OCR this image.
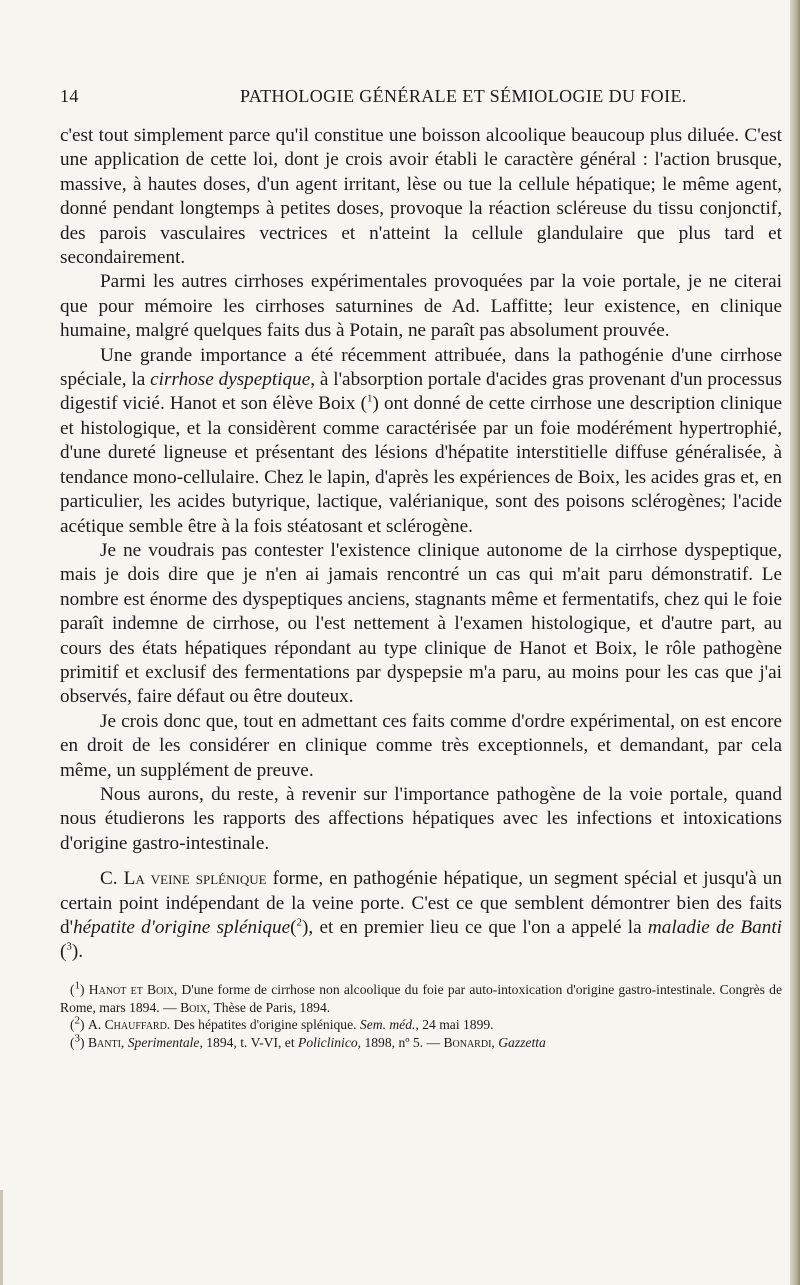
14	PATHOLOGIE GÉNÉRALE ET SÉMIOLOGIE DU FOIE.

c'est tout simplement parce qu'il constitue une boisson alcoolique beaucoup plus diluée. C'est une application de cette loi, dont je crois avoir établi le caractère général : l'action brusque, massive, à hautes doses, d'un agent irritant, lèse ou tue la cellule hépatique; le même agent, donné pendant longtemps à petites doses, provoque la réaction scléreuse du tissu conjonctif, des parois vasculaires vectrices et n'atteint la cellule glandulaire que plus tard et secondairement.

Parmi les autres cirrhoses expérimentales provoquées par la voie portale, je ne citerai que pour mémoire les cirrhoses saturnines de Ad. Laffitte; leur existence, en clinique humaine, malgré quelques faits dus à Potain, ne paraît pas absolument prouvée.

Une grande importance a été récemment attribuée, dans la pathogénie d'une cirrhose spéciale, la cirrhose dyspeptique, à l'absorption portale d'acides gras provenant d'un processus digestif vicié. Hanot et son élève Boix ($^1$) ont donné de cette cirrhose une description clinique et histologique, et la considèrent comme caractérisée par un foie modérément hypertrophié, d'une dureté ligneuse et présentant des lésions d'hépatite interstitielle diffuse généralisée, à tendance mono-cellulaire. Chez le lapin, d'après les expériences de Boix, les acides gras et, en particulier, les acides butyrique, lactique, valérianique, sont des poisons sclérogènes; l'acide acétique semble être à la fois stéatosant et sclérogène.

Je ne voudrais pas contester l'existence clinique autonome de la cirrhose dyspeptique, mais je dois dire que je n'en ai jamais rencontré un cas qui m'ait paru démonstratif. Le nombre est énorme des dyspeptiques anciens, stagnants même et fermentatifs, chez qui le foie paraît indemne de cirrhose, ou l'est nettement à l'examen histologique, et d'autre part, au cours des états hépatiques répondant au type clinique de Hanot et Boix, le rôle pathogène primitif et exclusif des fermentations par dyspepsie m'a paru, au moins pour les cas que j'ai observés, faire défaut ou être douteux.

Je crois donc que, tout en admettant ces faits comme d'ordre expérimental, on est encore en droit de les considérer en clinique comme très exceptionnels, et demandant, par cela même, un supplément de preuve.

Nous aurons, du reste, à revenir sur l'importance pathogène de la voie portale, quand nous étudierons les rapports des affections hépatiques avec les infections et intoxications d'origine gastro-intestinale.

C. La veine splénique forme, en pathogénie hépatique, un segment spécial et jusqu'à un certain point indépendant de la veine porte. C'est ce que semblent démontrer bien des faits d'hépatite d'origine splénique($^2$), et en premier lieu ce que l'on a appelé la maladie de Banti ($^3$).

($^1$) Hanot et Boix, D'une forme de cirrhose non alcoolique du foie par auto-intoxication d'origine gastro-intestinale. Congrès de Rome, mars 1894. — Boix, Thèse de Paris, 1894.

($^2$) A. Chauffard. Des hépatites d'origine splénique. Sem. méd., 24 mai 1899.

($^3$) Banti, Sperimentale, 1894, t. V-VI, et Policlinico, 1898, nº 5. — Bonardi, Gazzetta
